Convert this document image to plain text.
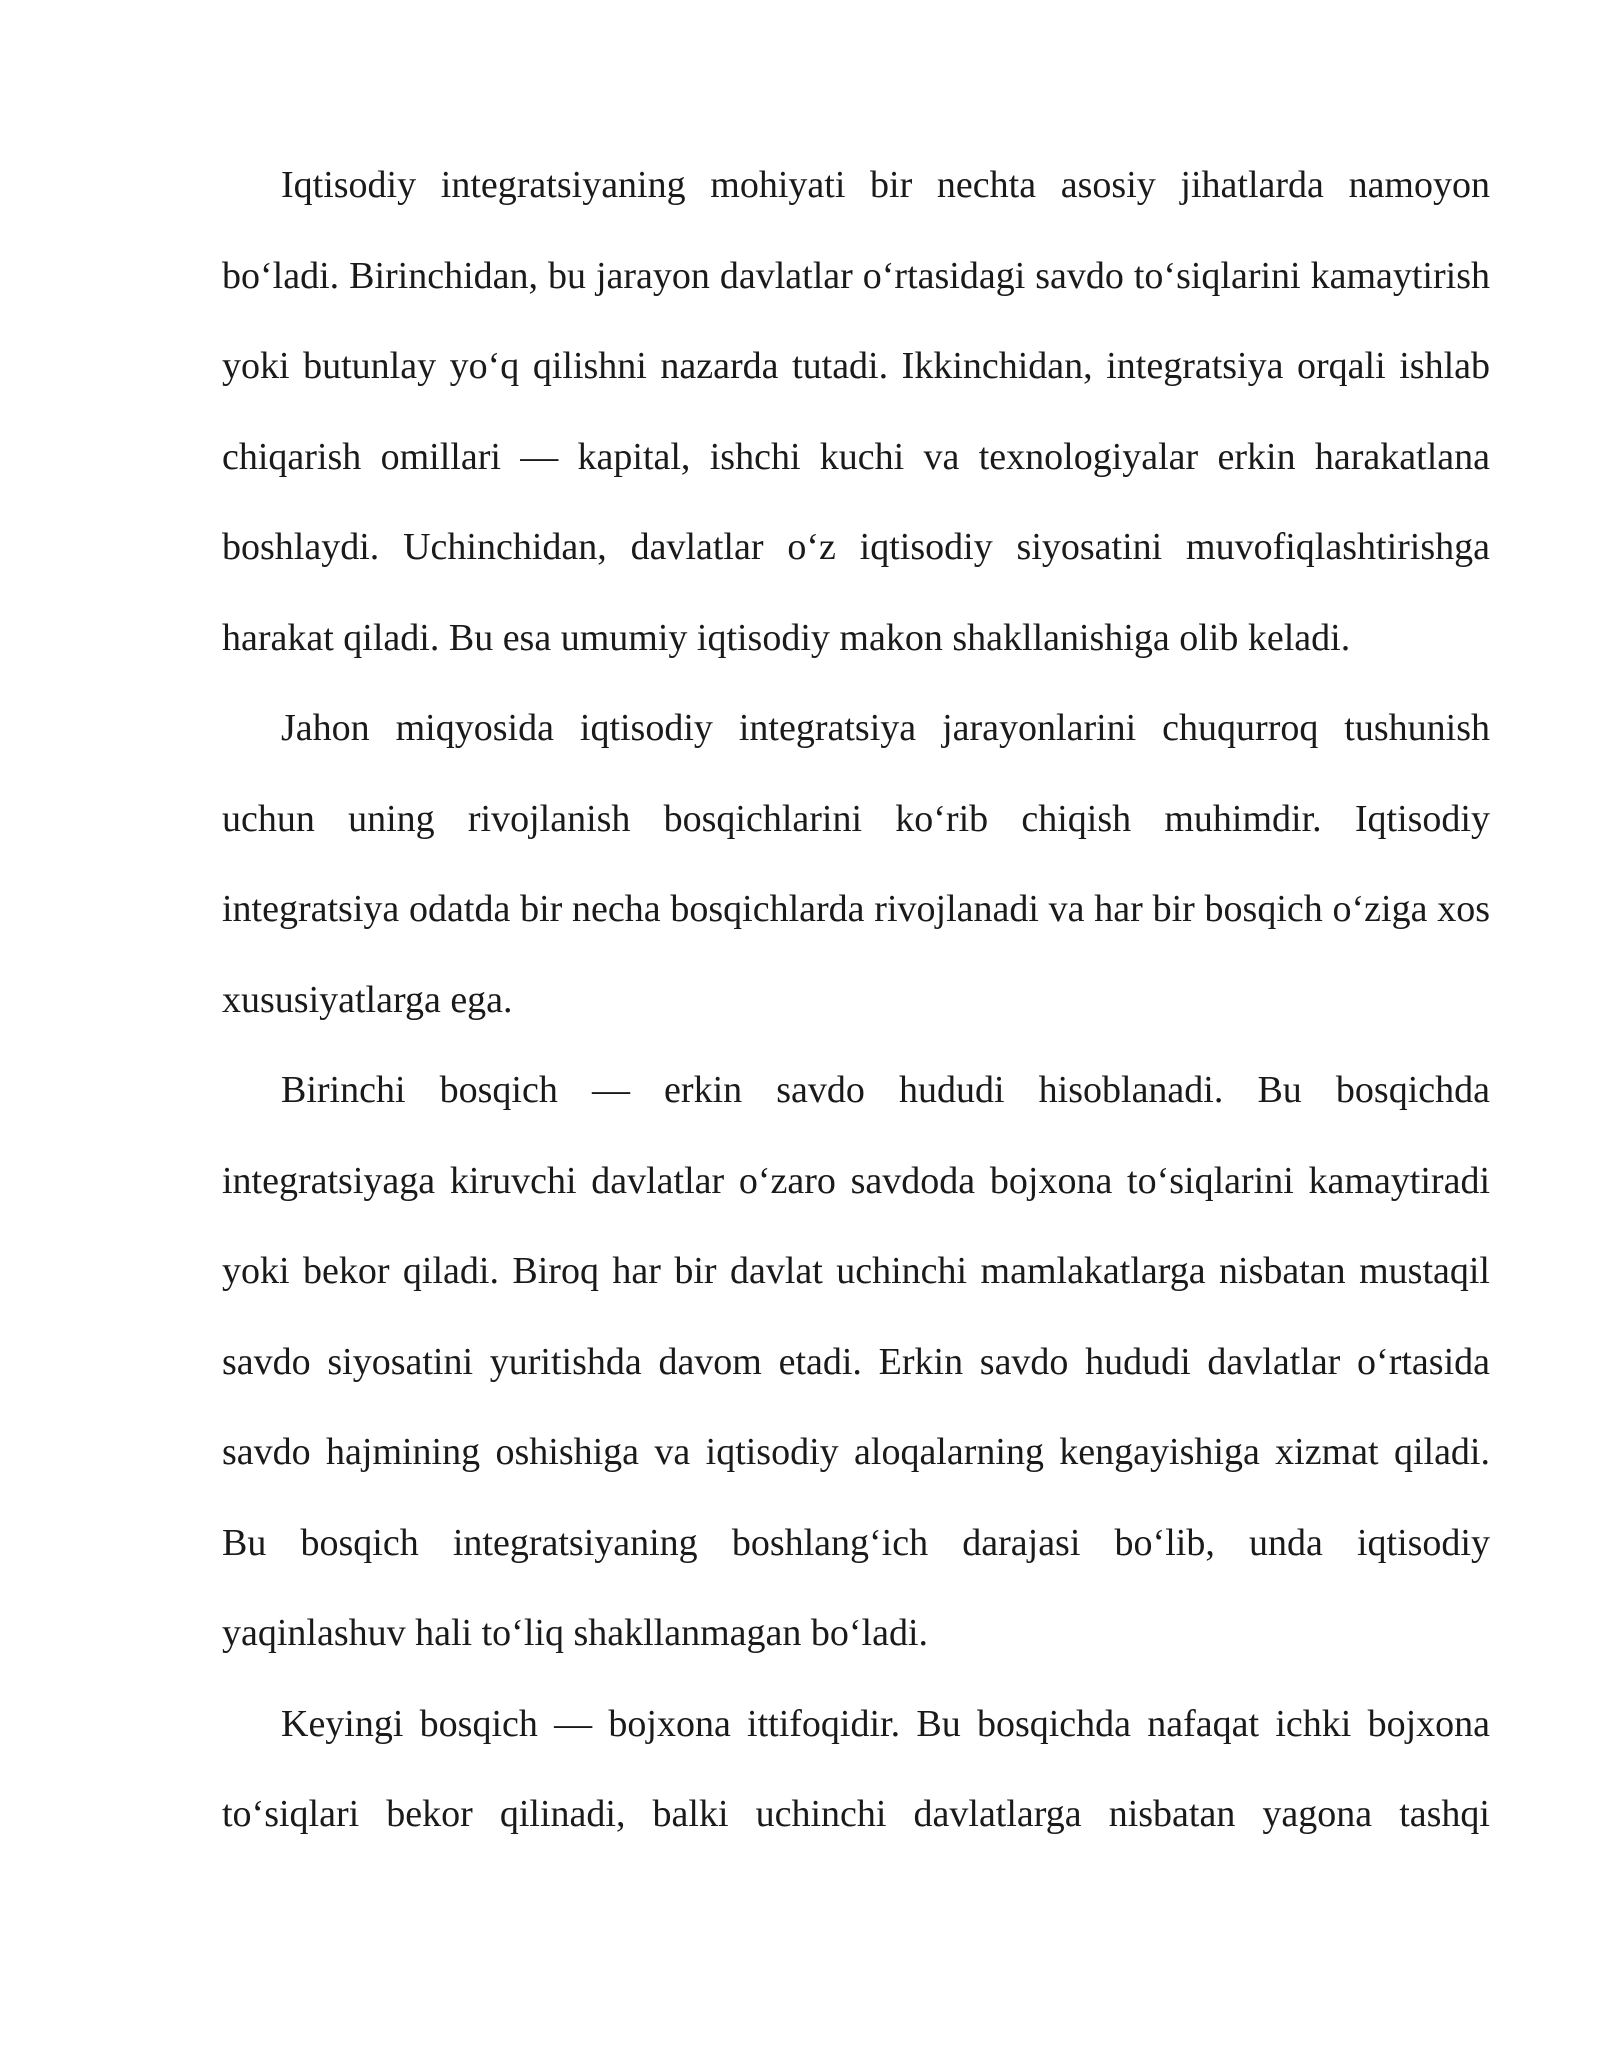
Iqtisodiy integratsiyaning mohiyati bir nechta asosiy jihatlarda namoyon bo‘ladi. Birinchidan, bu jarayon davlatlar o‘rtasidagi savdo to‘siqlarini kamaytirish yoki butunlay yo‘q qilishni nazarda tutadi. Ikkinchidan, integratsiya orqali ishlab chiqarish omillari — kapital, ishchi kuchi va texnologiyalar erkin harakatlana boshlaydi. Uchinchidan, davlatlar o‘z iqtisodiy siyosatini muvofiqlashtirishga harakat qiladi. Bu esa umumiy iqtisodiy makon shakllanishiga olib keladi.

Jahon miqyosida iqtisodiy integratsiya jarayonlarini chuqurroq tushunish uchun uning rivojlanish bosqichlarini ko‘rib chiqish muhimdir. Iqtisodiy integratsiya odatda bir necha bosqichlarda rivojlanadi va har bir bosqich o‘ziga xos xususiyatlarga ega.

Birinchi bosqich — erkin savdo hududi hisoblanadi. Bu bosqichda integratsiyaga kiruvchi davlatlar o‘zaro savdoda bojxona to‘siqlarini kamaytiradi yoki bekor qiladi. Biroq har bir davlat uchinchi mamlakatlarga nisbatan mustaqil savdo siyosatini yuritishda davom etadi. Erkin savdo hududi davlatlar o‘rtasida savdo hajmining oshishiga va iqtisodiy aloqalarning kengayishiga xizmat qiladi. Bu bosqich integratsiyaning boshlang‘ich darajasi bo‘lib, unda iqtisodiy yaqinlashuv hali to‘liq shakllanmagan bo‘ladi.

Keyingi bosqich — bojxona ittifoqidir. Bu bosqichda nafaqat ichki bojxona to‘siqlari bekor qilinadi, balki uchinchi davlatlarga nisbatan yagona tashqi
